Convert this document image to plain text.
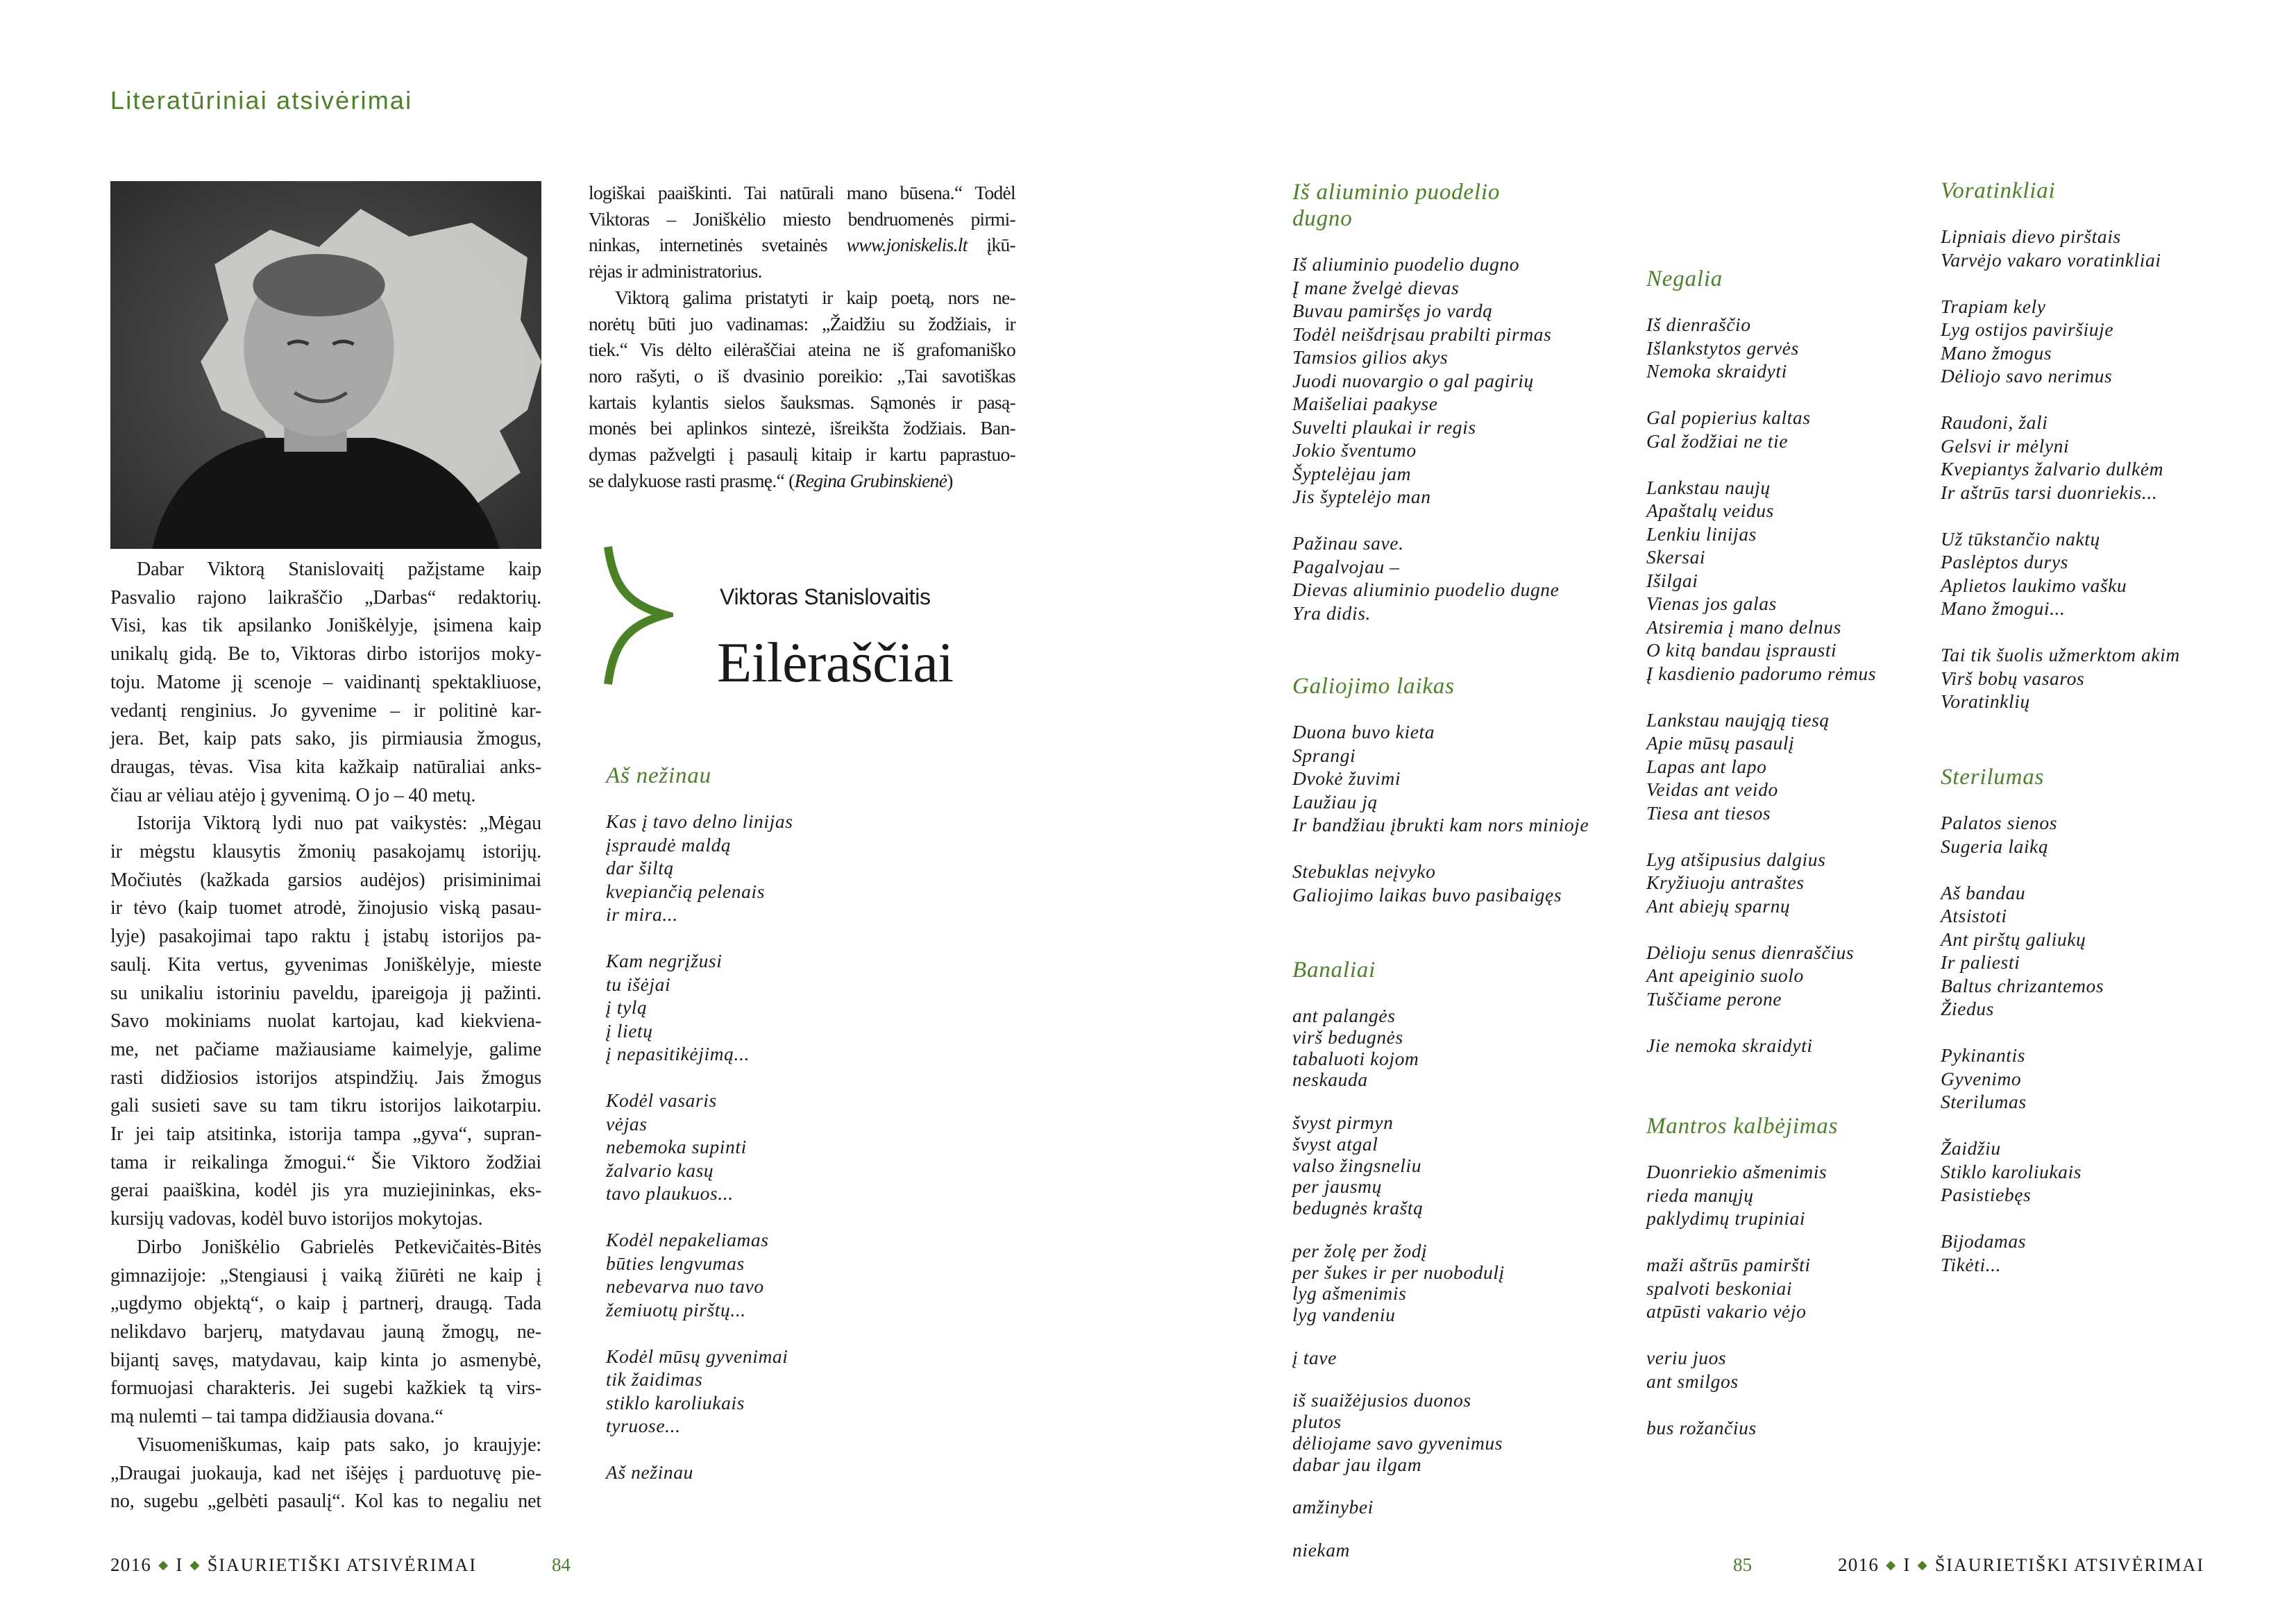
Literatūriniai atsivėrimai
Dabar Viktorą Stanislovaitį pažįstame kaip
Pasvalio rajono laikraščio „Darbas“ redaktorių.
Visi, kas tik apsilanko Joniškėlyje, įsimena kaip
unikalų gidą. Be to, Viktoras dirbo istorijos moky-
toju. Matome jį scenoje – vaidinantį spektakliuose,
vedantį renginius. Jo gyvenime – ir politinė kar-
jera. Bet, kaip pats sako, jis pirmiausia žmogus,
draugas, tėvas. Visa kita kažkaip natūraliai anks-
čiau ar vėliau atėjo į gyvenimą. O jo – 40 metų.
Istorija Viktorą lydi nuo pat vaikystės: „Mėgau
ir mėgstu klausytis žmonių pasakojamų istorijų.
Močiutės (kažkada garsios audėjos) prisiminimai
ir tėvo (kaip tuomet atrodė, žinojusio viską pasau-
lyje) pasakojimai tapo raktu į įstabų istorijos pa-
saulį. Kita vertus, gyvenimas Joniškėlyje, mieste
su unikaliu istoriniu paveldu, įpareigoja jį pažinti.
Savo mokiniams nuolat kartojau, kad kiekviena-
me, net pačiame mažiausiame kaimelyje, galime
rasti didžiosios istorijos atspindžių. Jais žmogus
gali susieti save su tam tikru istorijos laikotarpiu.
Ir jei taip atsitinka, istorija tampa „gyva“, supran-
tama ir reikalinga žmogui.“ Šie Viktoro žodžiai
gerai paaiškina, kodėl jis yra muziejininkas, eks-
kursijų vadovas, kodėl buvo istorijos mokytojas.
Dirbo Joniškėlio Gabrielės Petkevičaitės-Bitės
gimnazijoje: „Stengiausi į vaiką žiūrėti ne kaip į
„ugdymo objektą“, o kaip į partnerį, draugą. Tada
nelikdavo barjerų, matydavau jauną žmogų, ne-
bijantį savęs, matydavau, kaip kinta jo asmenybė,
formuojasi charakteris. Jei sugebi kažkiek tą virs-
mą nulemti – tai tampa didžiausia dovana.“
Visuomeniškumas, kaip pats sako, jo kraujyje:
„Draugai juokauja, kad net išėjęs į parduotuvę pie-
no, sugebu „gelbėti pasaulį“. Kol kas to negaliu net
logiškai paaiškinti. Tai natūrali mano būsena.“ Todėl
Viktoras – Joniškėlio miesto bendruomenės pirmi-
ninkas, internetinės svetainės www.joniskelis.lt įkū-
rėjas ir administratorius.
Viktorą galima pristatyti ir kaip poetą, nors ne-
norėtų būti juo vadinamas: „Žaidžiu su žodžiais, ir
tiek.“ Vis dėlto eilėraščiai ateina ne iš grafomaniško
noro rašyti, o iš dvasinio poreikio: „Tai savotiškas
kartais kylantis sielos šauksmas. Sąmonės ir pasą-
monės bei aplinkos sintezė, išreikšta žodžiais. Ban-
dymas pažvelgti į pasaulį kitaip ir kartu paprastuo-
se dalykuose rasti prasmę.“ (Regina Grubinskienė)
Viktoras Stanislovaitis
Eilėraščiai
Aš nežinau
Kas į tavo delno linijas
įspraudė maldą
dar šiltą
kvepiančią pelenais
ir mira...
Kam negrįžusi
tu išėjai
į tylą
į lietų
į nepasitikėjimą...
Kodėl vasaris
vėjas
nebemoka supinti
žalvario kasų
tavo plaukuos...
Kodėl nepakeliamas
būties lengvumas
nebevarva nuo tavo
žemiuotų pirštų...
Kodėl mūsų gyvenimai
tik žaidimas
stiklo karoliukais
tyruose...
Aš nežinau
Iš aliuminio puodelio
dugno
Iš aliuminio puodelio dugno
Į mane žvelgė dievas
Buvau pamiršęs jo vardą
Todėl neišdrįsau prabilti pirmas
Tamsios gilios akys
Juodi nuovargio o gal pagirių
Maišeliai paakyse
Suvelti plaukai ir regis
Jokio šventumo
Šyptelėjau jam
Jis šyptelėjo man
Pažinau save.
Pagalvojau –
Dievas aliuminio puodelio dugne
Yra didis.
Galiojimo laikas
Duona buvo kieta
Sprangi
Dvokė žuvimi
Laužiau ją
Ir bandžiau įbrukti kam nors minioje
Stebuklas neįvyko
Galiojimo laikas buvo pasibaigęs
Banaliai
ant palangės
virš bedugnės
tabaluoti kojom
neskauda
švyst pirmyn
švyst atgal
valso žingsneliu
per jausmų
bedugnės kraštą
per žolę per žodį
per šukes ir per nuobodulį
lyg ašmenimis
lyg vandeniu
į tave
iš suaižėjusios duonos
plutos
dėliojame savo gyvenimus
dabar jau ilgam
amžinybei
niekam
Negalia
Iš dienraščio
Išlankstytos gervės
Nemoka skraidyti
Gal popierius kaltas
Gal žodžiai ne tie
Lankstau naujų
Apaštalų veidus
Lenkiu linijas
Skersai
Išilgai
Vienas jos galas
Atsiremia į mano delnus
O kitą bandau įsprausti
Į kasdienio padorumo rėmus
Lankstau naująją tiesą
Apie mūsų pasaulį
Lapas ant lapo
Veidas ant veido
Tiesa ant tiesos
Lyg atšipusius dalgius
Kryžiuoju antraštes
Ant abiejų sparnų
Dėlioju senus dienraščius
Ant apeiginio suolo
Tuščiame perone
Jie nemoka skraidyti
Mantros kalbėjimas
Duonriekio ašmenimis
rieda manųjų
paklydimų trupiniai
maži aštrūs pamiršti
spalvoti beskoniai
atpūsti vakario vėjo
veriu juos
ant smilgos
bus rožančius
Voratinkliai
Lipniais dievo pirštais
Varvėjo vakaro voratinkliai
Trapiam kely
Lyg ostijos paviršiuje
Mano žmogus
Dėliojo savo nerimus
Raudoni, žali
Gelsvi ir mėlyni
Kvepiantys žalvario dulkėm
Ir aštrūs tarsi duonriekis...
Už tūkstančio naktų
Paslėptos durys
Aplietos laukimo vašku
Mano žmogui...
Tai tik šuolis užmerktom akim
Virš bobų vasaros
Voratinklių
Sterilumas
Palatos sienos
Sugeria laiką
Aš bandau
Atsistoti
Ant pirštų galiukų
Ir paliesti
Baltus chrizantemos
Žiedus
Pykinantis
Gyvenimo
Sterilumas
Žaidžiu
Stiklo karoliukais
Pasistiebęs
Bijodamas
Tikėti...
2016 ◆ I ◆ ŠIAURIETIŠKI ATSIVĖRIMAI	84	85	2016 ◆ I ◆ ŠIAURIETIŠKI ATSIVĖRIMAI
